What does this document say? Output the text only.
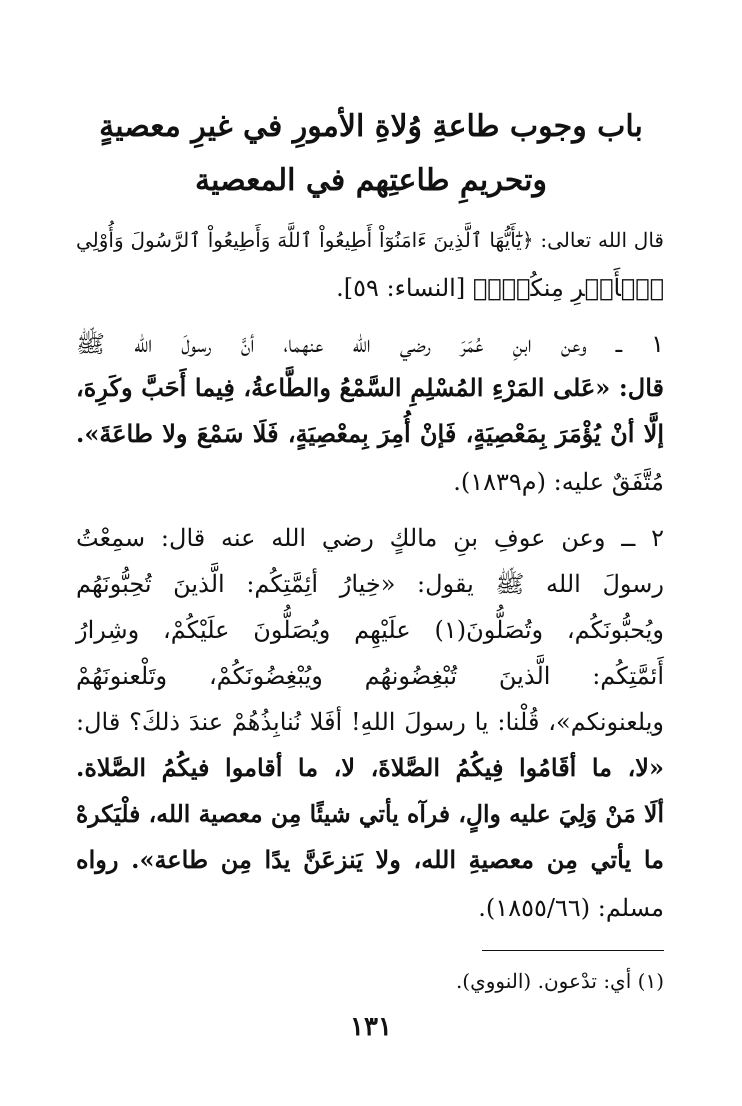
باب وجوب طاعةِ وُلاةِ الأمورِ في غيرِ معصيةٍ
وتحريمِ طاعتِهم في المعصية
قال الله تعالى: ﴿يَٰٓأَيُّهَا ٱلَّذِينَ ءَامَنُوٓاْ أَطِيعُواْ ٱللَّهَ وَأَطِيعُواْ ٱلرَّسُولَ وَأُوْلِي
ٱلۡأَمۡرِ مِنكُمۡۖ﴾ [النساء: ٥٩].
١ ــ وعن ابنِ عُمَرَ رضي الله عنهما، أنَّ رسولَ الله ﷺ
قال: «عَلى المَرْءِ المُسْلِمِ السَّمْعُ والطَّاعةُ، فِيما أَحَبَّ وكَرِهَ،
إلَّا أنْ يُؤْمَرَ بِمَعْصِيَةٍ، فَإنْ أُمِرَ بِمعْصِيَةٍ، فَلَا سَمْعَ ولا طاعَةَ».
مُتَّفَقٌ عليه: (م١٨٣٩).
٢ ــ وعن عوفِ بنِ مالكٍ رضي الله عنه قال: سمِعْتُ
رسولَ الله ﷺ يقول: «خِيارُ أئِمَّتِكُم: الَّذينَ تُحِبُّونَهُم
ويُحبُّونَكُم، وتُصَلُّونَ(١) علَيْهِم ويُصَلُّونَ علَيْكُمْ، وشِرارُ
أَئمَّتِكُم: الَّذينَ تُبْغِضُونهُم ويُبْغِضُونَكُمْ، وتَلْعنونَهُمْ
ويلعنونكم»، قُلْنا: يا رسولَ اللهِ! أفَلا نُنابِذُهُمْ عندَ ذلكَ؟ قال:
«لا، ما أقَامُوا فِيكُمُ الصَّلاةَ، لا، ما أقاموا فيكُمُ الصَّلاة.
ألَا مَنْ وَلِيَ عليه والٍ، فرآه يأتي شيئًا مِن معصية الله، فلْيَكرهْ
ما يأتي مِن معصيةِ الله، ولا يَنزعَنَّ يدًا مِن طاعة». رواه
مسلم: (١٨٥٥/٦٦).
(١) أي: تدْعون. (النووي).
١٣١
